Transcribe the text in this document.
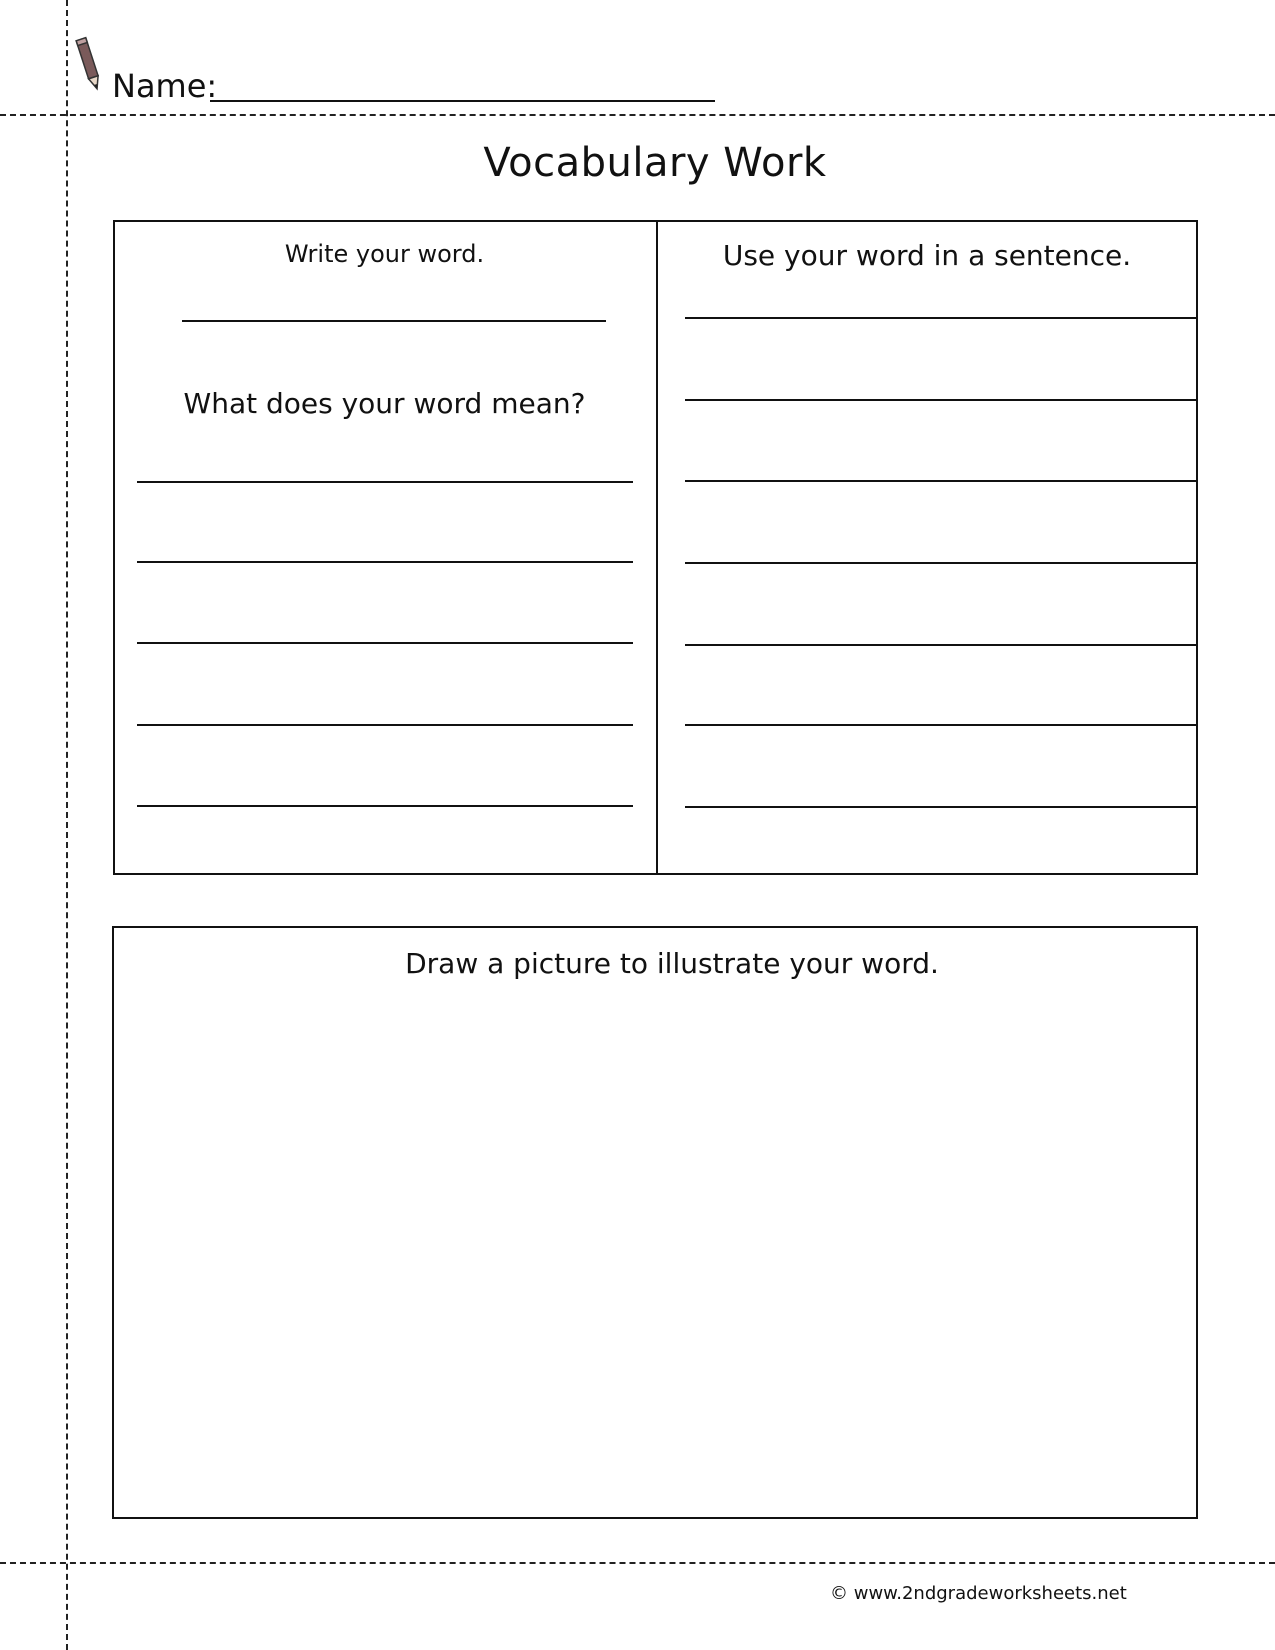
Name:
Vocabulary Work
Write your word.
What does your word mean?
Use your word in a sentence.
Draw a picture to illustrate your word.
© www.2ndgradeworksheets.net
